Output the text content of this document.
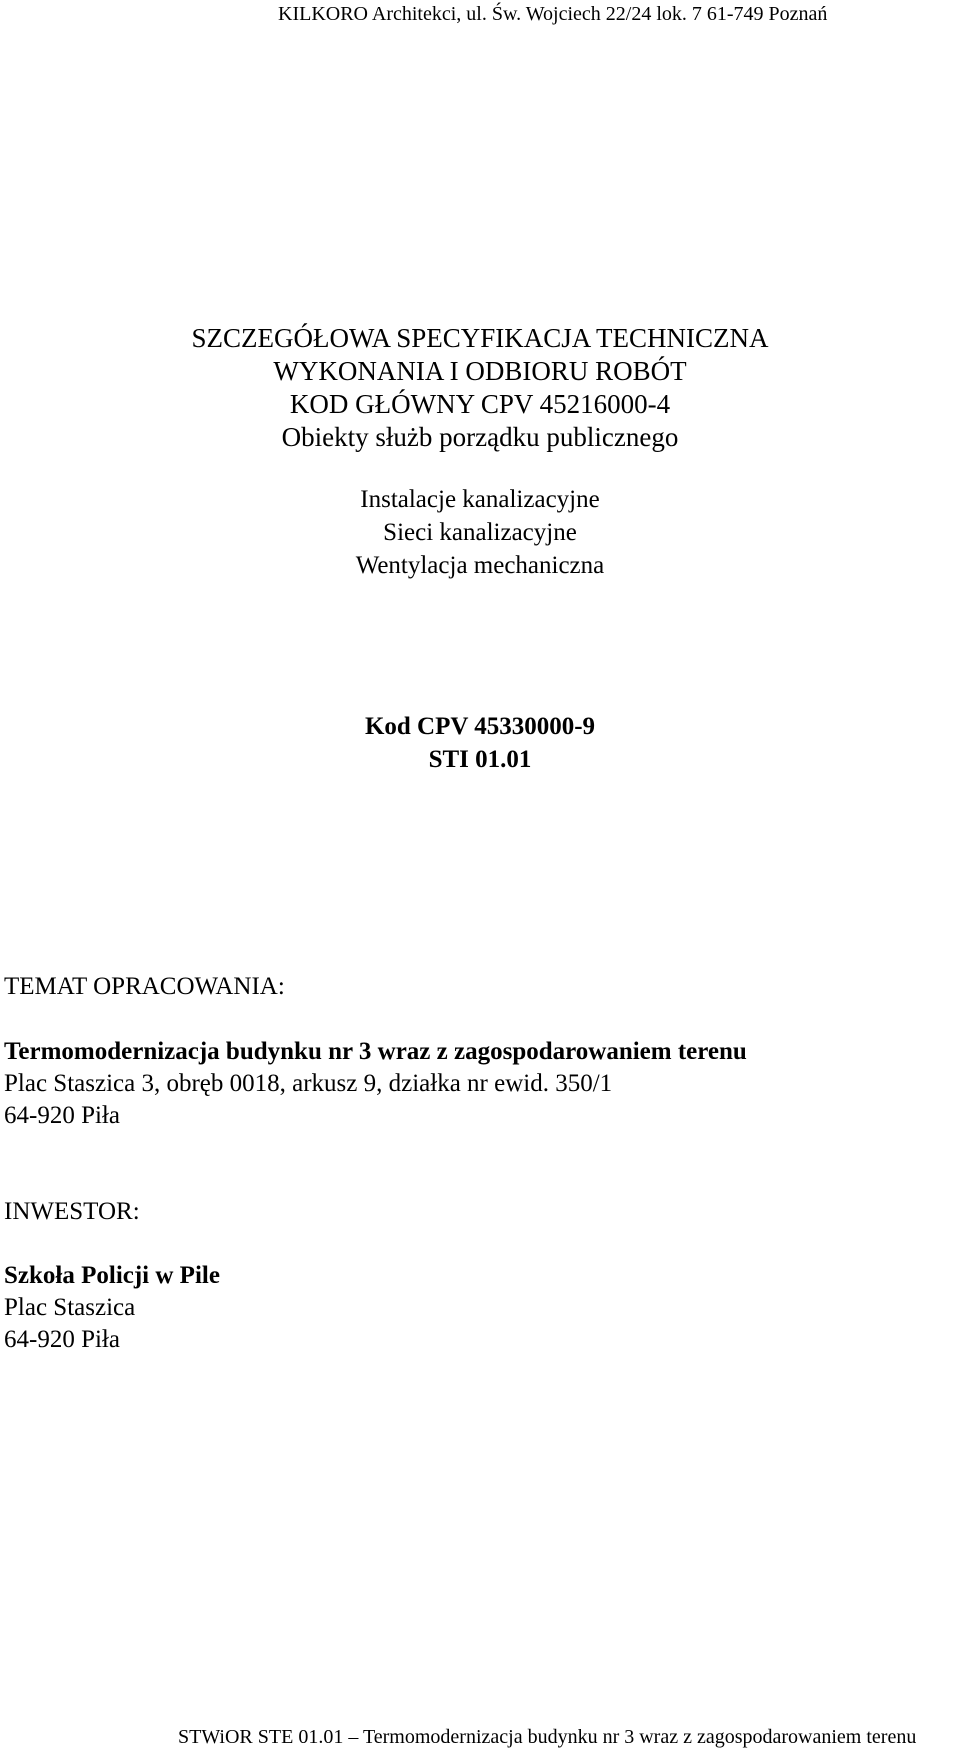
KILKORO Architekci, ul. Św. Wojciech 22/24 lok. 7 61-749 Poznań
SZCZEGÓŁOWA SPECYFIKACJA TECHNICZNA
WYKONANIA I ODBIORU ROBÓT
KOD GŁÓWNY CPV 45216000-4
Obiekty służb porządku publicznego
Instalacje kanalizacyjne
Sieci kanalizacyjne
Wentylacja mechaniczna
Kod CPV 45330000-9
STI 01.01
TEMAT OPRACOWANIA:
Termomodernizacja budynku nr 3 wraz z zagospodarowaniem terenu
Plac Staszica 3, obręb 0018, arkusz 9, działka nr ewid. 350/1
64-920 Piła
INWESTOR:
Szkoła Policji w Pile
Plac Staszica
64-920 Piła
STWiOR STE 01.01 – Termomodernizacja budynku nr 3 wraz z zagospodarowaniem terenu
